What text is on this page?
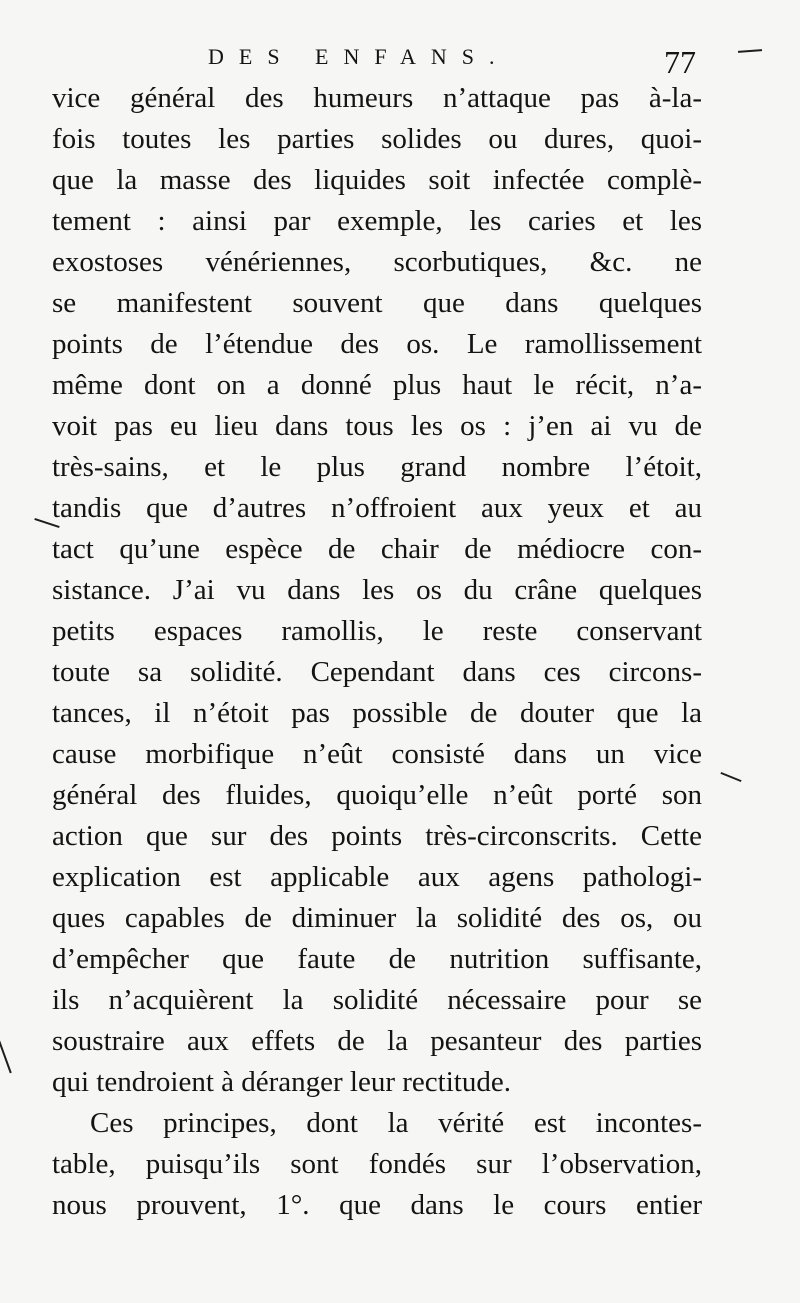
DES ENFANS.	77
vice général des humeurs n’attaque pas à-la-
fois toutes les parties solides ou dures, quoi-
que la masse des liquides soit infectée complè-
tement : ainsi par exemple, les caries et les
exostoses vénériennes, scorbutiques, &c. ne
se manifestent souvent que dans quelques
points de l’étendue des os. Le ramollissement
même dont on a donné plus haut le récit, n’a-
voit pas eu lieu dans tous les os : j’en ai vu de
très-sains, et le plus grand nombre l’étoit,
tandis que d’autres n’offroient aux yeux et au
tact qu’une espèce de chair de médiocre con-
sistance. J’ai vu dans les os du crâne quelques
petits espaces ramollis, le reste conservant
toute sa solidité. Cependant dans ces circons-
tances, il n’étoit pas possible de douter que la
cause morbifique n’eût consisté dans un vice
général des fluides, quoiqu’elle n’eût porté son
action que sur des points très-circonscrits. Cette
explication est applicable aux agens pathologi-
ques capables de diminuer la solidité des os, ou
d’empêcher que faute de nutrition suffisante,
ils n’acquièrent la solidité nécessaire pour se
soustraire aux effets de la pesanteur des parties
qui tendroient à déranger leur rectitude.
Ces principes, dont la vérité est incontes-
table, puisqu’ils sont fondés sur l’observation,
nous prouvent, 1°. que dans le cours entier
